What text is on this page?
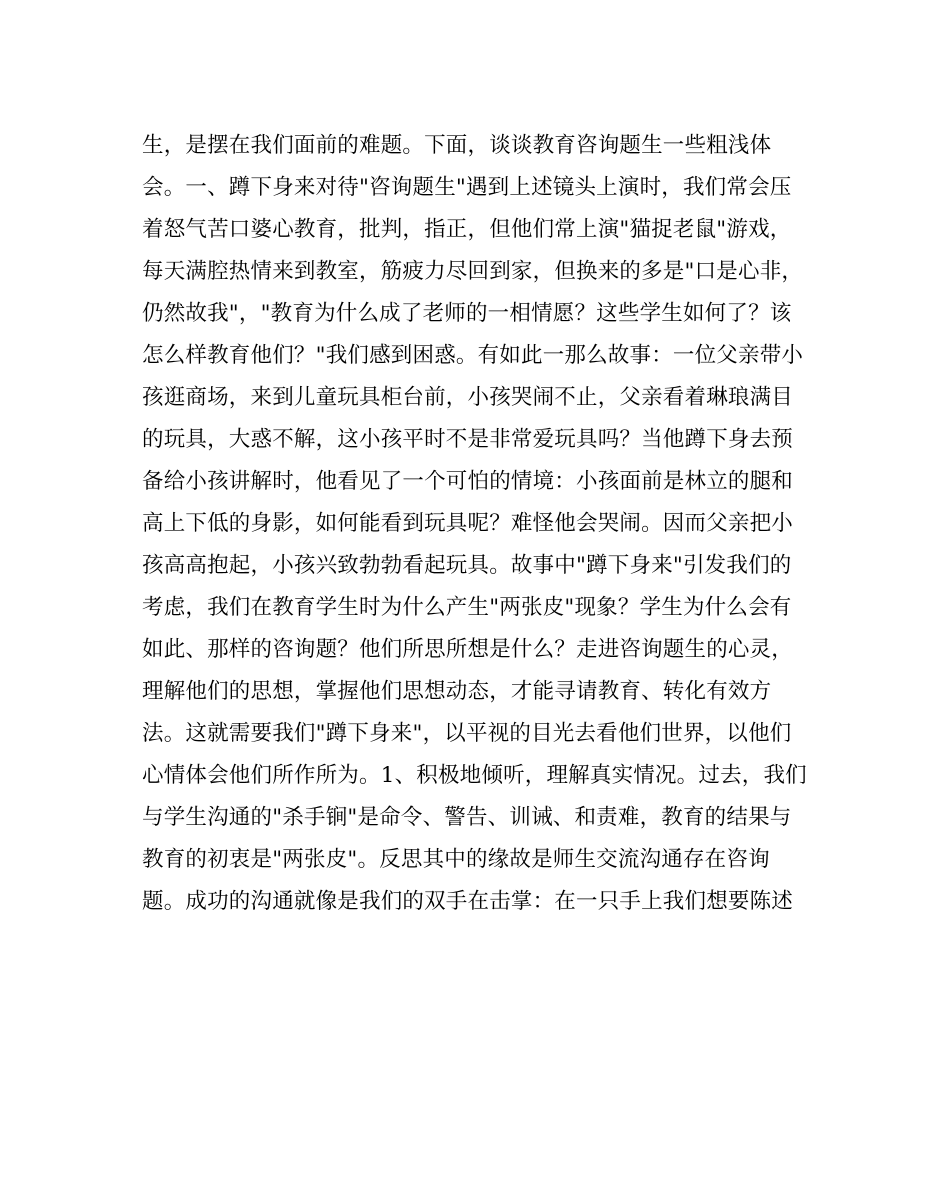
生，是摆在我们面前的难题。下面，谈谈教育咨询题生一些粗浅体
会。一、蹲下身来对待"咨询题生"遇到上述镜头上演时，我们常会压
着怒气苦口婆心教育，批判，指正，但他们常上演"猫捉老鼠"游戏，
每天满腔热情来到教室，筋疲力尽回到家，但换来的多是"口是心非，
仍然故我"，"教育为什么成了老师的一相情愿？这些学生如何了？该
怎么样教育他们？"我们感到困惑。有如此一那么故事：一位父亲带小
孩逛商场，来到儿童玩具柜台前，小孩哭闹不止，父亲看着琳琅满目
的玩具，大惑不解，这小孩平时不是非常爱玩具吗？当他蹲下身去预
备给小孩讲解时，他看见了一个可怕的情境：小孩面前是林立的腿和
高上下低的身影，如何能看到玩具呢？难怪他会哭闹。因而父亲把小
孩高高抱起，小孩兴致勃勃看起玩具。故事中"蹲下身来"引发我们的
考虑，我们在教育学生时为什么产生"两张皮"现象？学生为什么会有
如此、那样的咨询题？他们所思所想是什么？走进咨询题生的心灵，
理解他们的思想，掌握他们思想动态，才能寻请教育、转化有效方
法。这就需要我们"蹲下身来"，以平视的目光去看他们世界，以他们
心情体会他们所作所为。1、积极地倾听，理解真实情况。过去，我们
与学生沟通的"杀手锏"是命令、警告、训诫、和责难，教育的结果与
教育的初衷是"两张皮"。反思其中的缘故是师生交流沟通存在咨询
题。成功的沟通就像是我们的双手在击掌：在一只手上我们想要陈述
